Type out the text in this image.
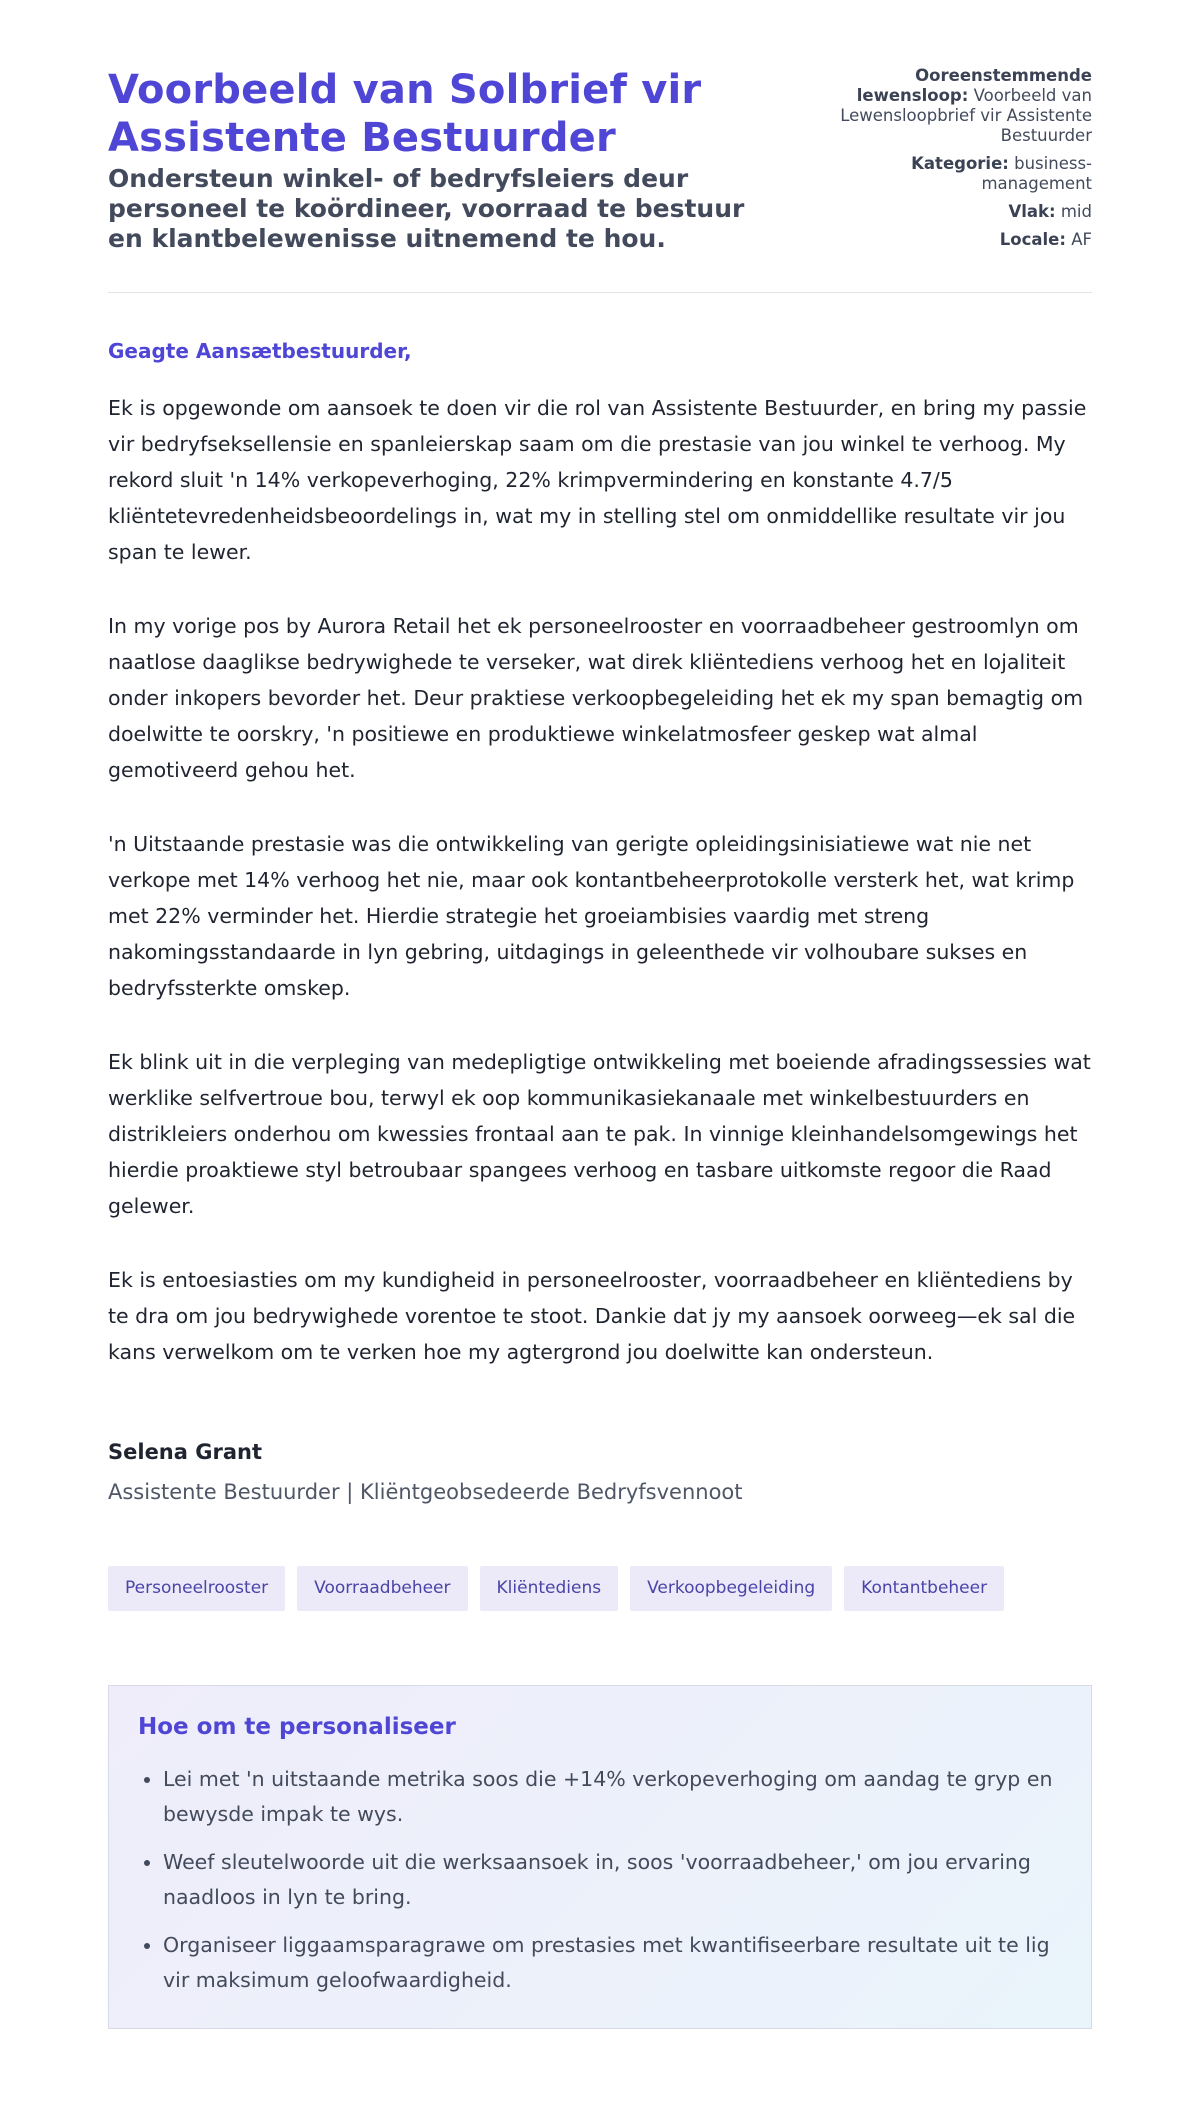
Voorbeeld van Solbrief vir Assistente Bestuurder
Ondersteun winkel- of bedryfsleiers deur personeel te koördineer, voorraad te bestuur en klantbelewenisse uitnemend te hou.
Ooreenstemmende lewensloop: Voorbeeld van Lewensloopbrief vir Assistente Bestuurder
Kategorie: business-management
Vlak: mid
Locale: AF
Geagte Aansætbestuurder,

Ek is opgewonde om aansoek te doen vir die rol van Assistente Bestuurder, en bring my passie vir bedryfseksellensie en spanleierskap saam om die prestasie van jou winkel te verhoog. My rekord sluit 'n 14% verkopeverhoging, 22% krimpvermindering en konstante 4.7/5 kliëntetevredenheidsbeoordelings in, wat my in stelling stel om onmiddellike resultate vir jou span te lewer.

In my vorige pos by Aurora Retail het ek personeelrooster en voorraadbeheer gestroomlyn om naatlose daaglikse bedrywighede te verseker, wat direk kliëntediens verhoog het en lojaliteit onder inkopers bevorder het. Deur praktiese verkoopbegeleiding het ek my span bemagtig om doelwitte te oorskry, 'n positiewe en produktiewe winkelatmosfeer geskep wat almal gemotiveerd gehou het.

'n Uitstaande prestasie was die ontwikkeling van gerigte opleidingsinisiatiewe wat nie net verkope met 14% verhoog het nie, maar ook kontantbeheerprotokolle versterk het, wat krimp met 22% verminder het. Hierdie strategie het groeiambisies vaardig met streng nakomingsstandaarde in lyn gebring, uitdagings in geleenthede vir volhoubare sukses en bedryfssterkte omskep.

Ek blink uit in die verpleging van medepligtige ontwikkeling met boeiende afradingssessies wat werklike selfvertroue bou, terwyl ek oop kommunikasiekanaale met winkelbestuurders en distrikleiers onderhou om kwessies frontaal aan te pak. In vinnige kleinhandelsomgewings het hierdie proaktiewe styl betroubaar spangees verhoog en tasbare uitkomste regoor die Raad gelewer.

Ek is entoesiasties om my kundigheid in personeelrooster, voorraadbeheer en kliëntediens by te dra om jou bedrywighede vorentoe te stoot. Dankie dat jy my aansoek oorweeg—ek sal die kans verwelkom om te verken hoe my agtergrond jou doelwitte kan ondersteun.

Selena Grant
Assistente Bestuurder | Kliëntgeobsedeerde Bedryfsvennoot
Personeelrooster	Voorraadbeheer	Kliëntediens	Verkoopbegeleiding	Kontantbeheer
Hoe om te personaliseer
• Lei met 'n uitstaande metrika soos die +14% verkopeverhoging om aandag te gryp en bewysde impak te wys.
• Weef sleutelwoorde uit die werksaansoek in, soos 'voorraadbeheer,' om jou ervaring naadloos in lyn te bring.
• Organiseer liggaamsparagrawe om prestasies met kwantifiseerbare resultate uit te lig vir maksimum geloofwaardigheid.
